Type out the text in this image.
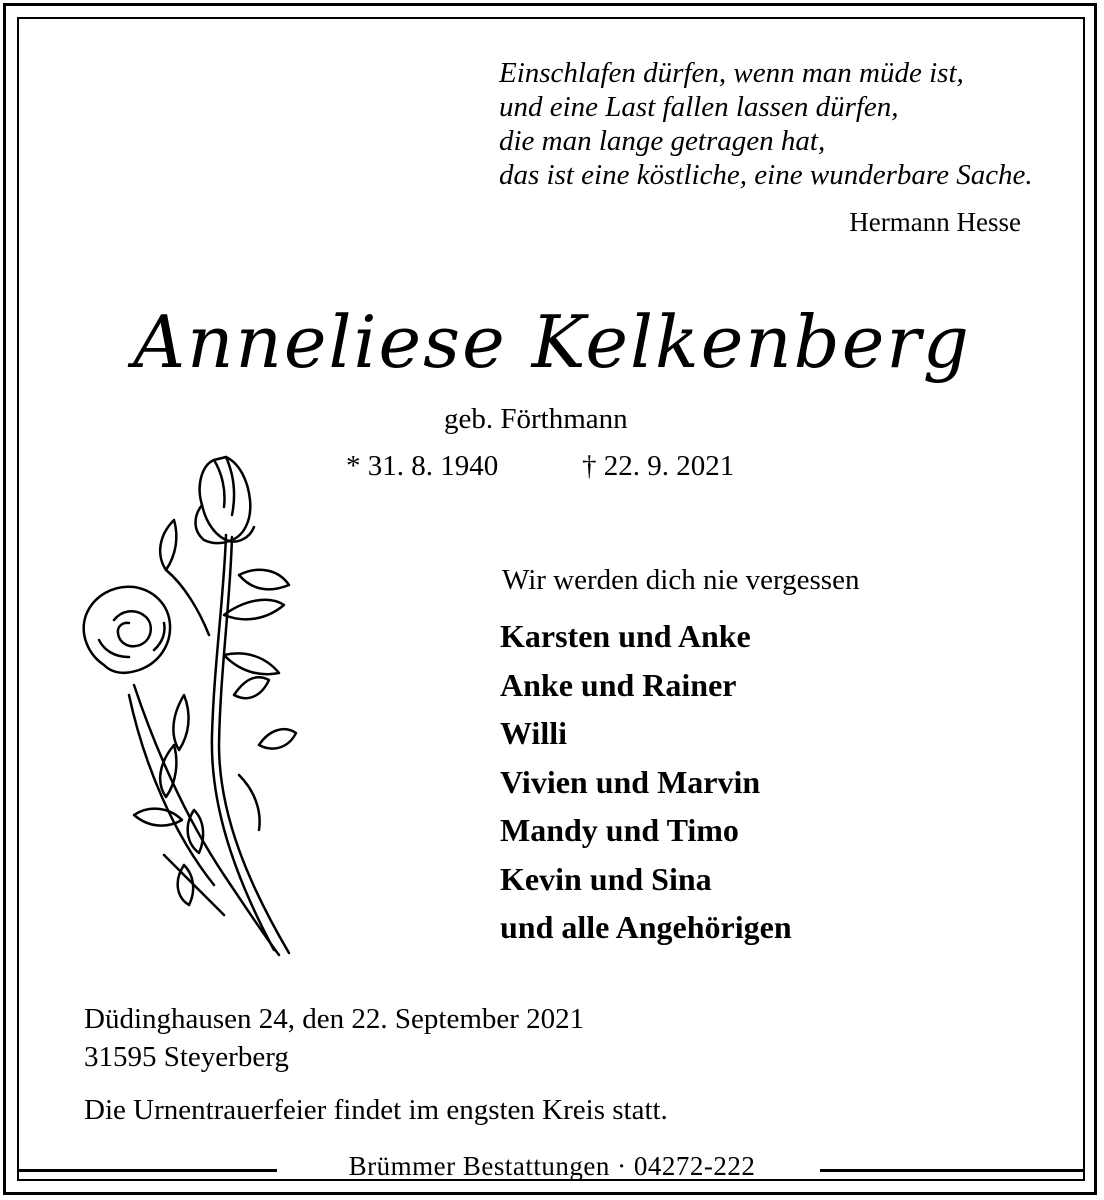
Einschlafen dürfen, wenn man müde ist,
und eine Last fallen lassen dürfen,
die man lange getragen hat,
das ist eine köstliche, eine wunderbare Sache.
Hermann Hesse
Anneliese Kelkenberg
geb. Förthmann
* 31. 8. 1940	† 22. 9. 2021
Wir werden dich nie vergessen
Karsten und Anke
Anke und Rainer
Willi
Vivien und Marvin
Mandy und Timo
Kevin und Sina
und alle Angehörigen
Düdinghausen 24, den 22. September 2021
31595 Steyerberg
Die Urnentrauerfeier findet im engsten Kreis statt.
Brümmer Bestattungen · 04272-222
